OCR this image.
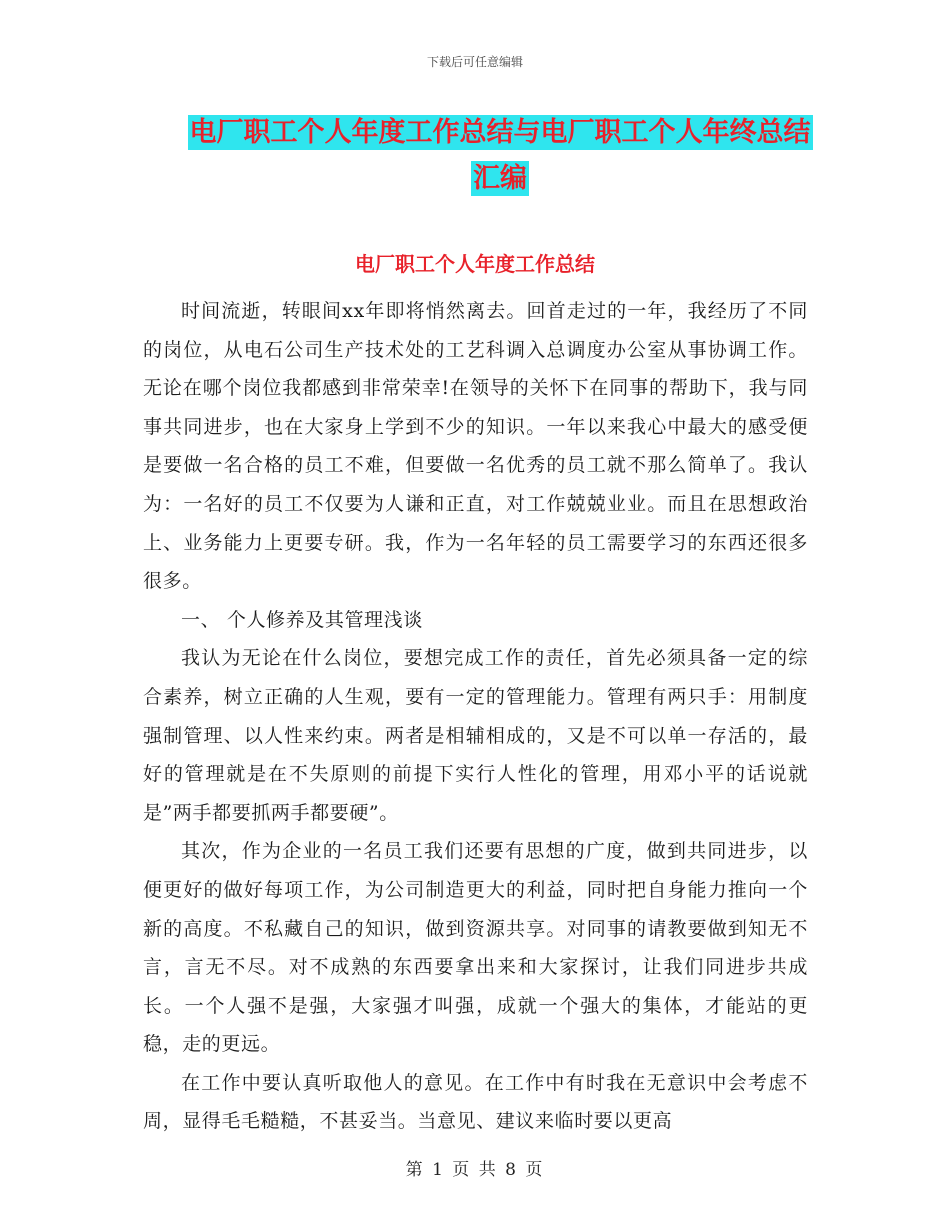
下载后可任意编辑
电厂职工个人年度工作总结与电厂职工个人年终总结
汇编
电厂职工个人年度工作总结

时间流逝，转眼间xx年即将悄然离去。回首走过的一年，我经历了不同的岗位，从电石公司生产技术处的工艺科调入总调度办公室从事协调工作。无论在哪个岗位我都感到非常荣幸!在领导的关怀下在同事的帮助下，我与同事共同进步，也在大家身上学到不少的知识。一年以来我心中最大的感受便是要做一名合格的员工不难，但要做一名优秀的员工就不那么简单了。我认为：一名好的员工不仅要为人谦和正直，对工作兢兢业业。而且在思想政治上、业务能力上更要专研。我，作为一名年轻的员工需要学习的东西还很多很多。

一、 个人修养及其管理浅谈

我认为无论在什么岗位，要想完成工作的责任，首先必须具备一定的综合素养，树立正确的人生观，要有一定的管理能力。管理有两只手：用制度强制管理、以人性来约束。两者是相辅相成的，又是不可以单一存活的，最好的管理就是在不失原则的前提下实行人性化的管理，用邓小平的话说就是”两手都要抓两手都要硬”。

其次，作为企业的一名员工我们还要有思想的广度，做到共同进步，以便更好的做好每项工作，为公司制造更大的利益，同时把自身能力推向一个新的高度。不私藏自己的知识，做到资源共享。对同事的请教要做到知无不言，言无不尽。对不成熟的东西要拿出来和大家探讨，让我们同进步共成长。一个人强不是强，大家强才叫强，成就一个强大的集体，才能站的更稳，走的更远。

在工作中要认真听取他人的意见。在工作中有时我在无意识中会考虑不周，显得毛毛糙糙，不甚妥当。当意见、建议来临时要以更高

第 1 页 共 8 页
